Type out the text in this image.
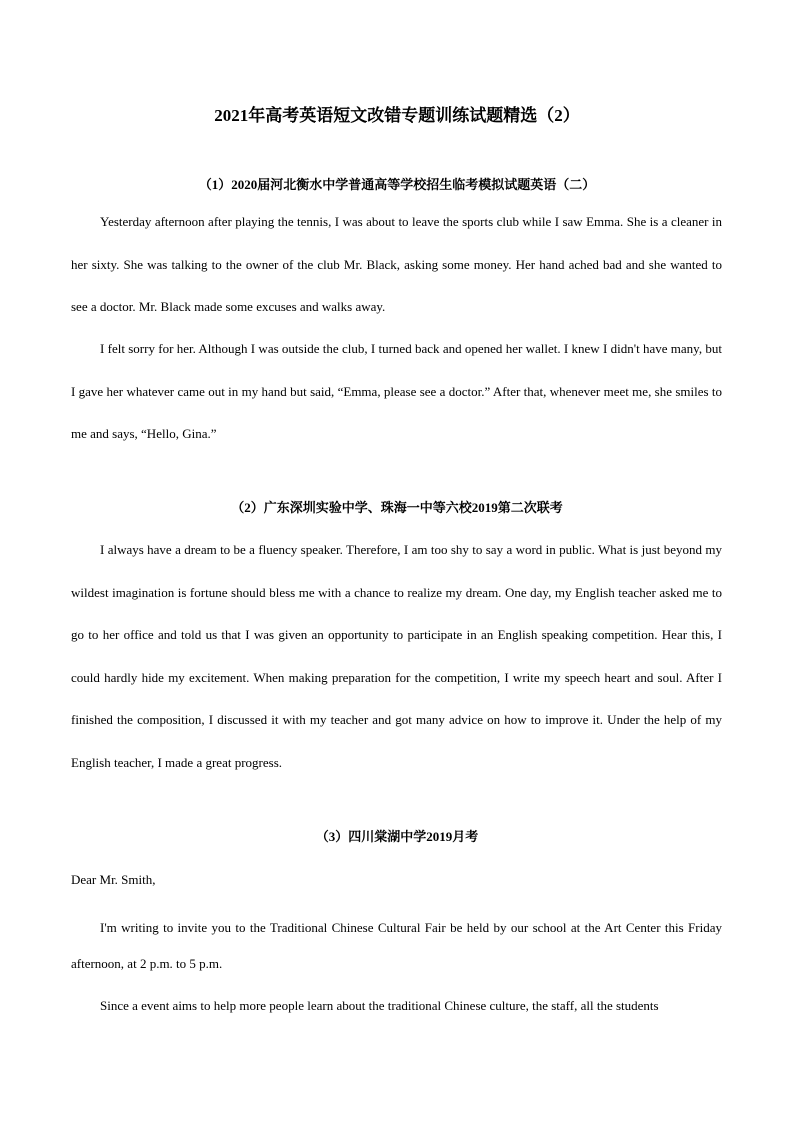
2021年高考英语短文改错专题训练试题精选（2）
（1）2020届河北衡水中学普通高等学校招生临考模拟试题英语（二）

Yesterday afternoon after playing the tennis, I was about to leave the sports club while I saw Emma. She is a cleaner in her sixty. She was talking to the owner of the club Mr. Black, asking some money. Her hand ached bad and she wanted to see a doctor. Mr. Black made some excuses and walks away.

I felt sorry for her. Although I was outside the club, I turned back and opened her wallet. I knew I didn't have many, but I gave her whatever came out in my hand but said, “Emma, please see a doctor.” After that, whenever meet me, she smiles to me and says, “Hello, Gina.”

（2）广东深圳实验中学、珠海一中等六校2019第二次联考

I always have a dream to be a fluency speaker. Therefore, I am too shy to say a word in public. What is just beyond my wildest imagination is fortune should bless me with a chance to realize my dream. One day, my English teacher asked me to go to her office and told us that I was given an opportunity to participate in an English speaking competition. Hear this, I could hardly hide my excitement. When making preparation for the competition, I write my speech heart and soul. After I finished the composition, I discussed it with my teacher and got many advice on how to improve it. Under the help of my English teacher, I made a great progress.

（3）四川棠湖中学2019月考

Dear Mr. Smith,

I'm writing to invite you to the Traditional Chinese Cultural Fair be held by our school at the Art Center this Friday afternoon, at 2 p.m. to 5 p.m.

Since a event aims to help more people learn about the traditional Chinese culture, the staff, all the students
